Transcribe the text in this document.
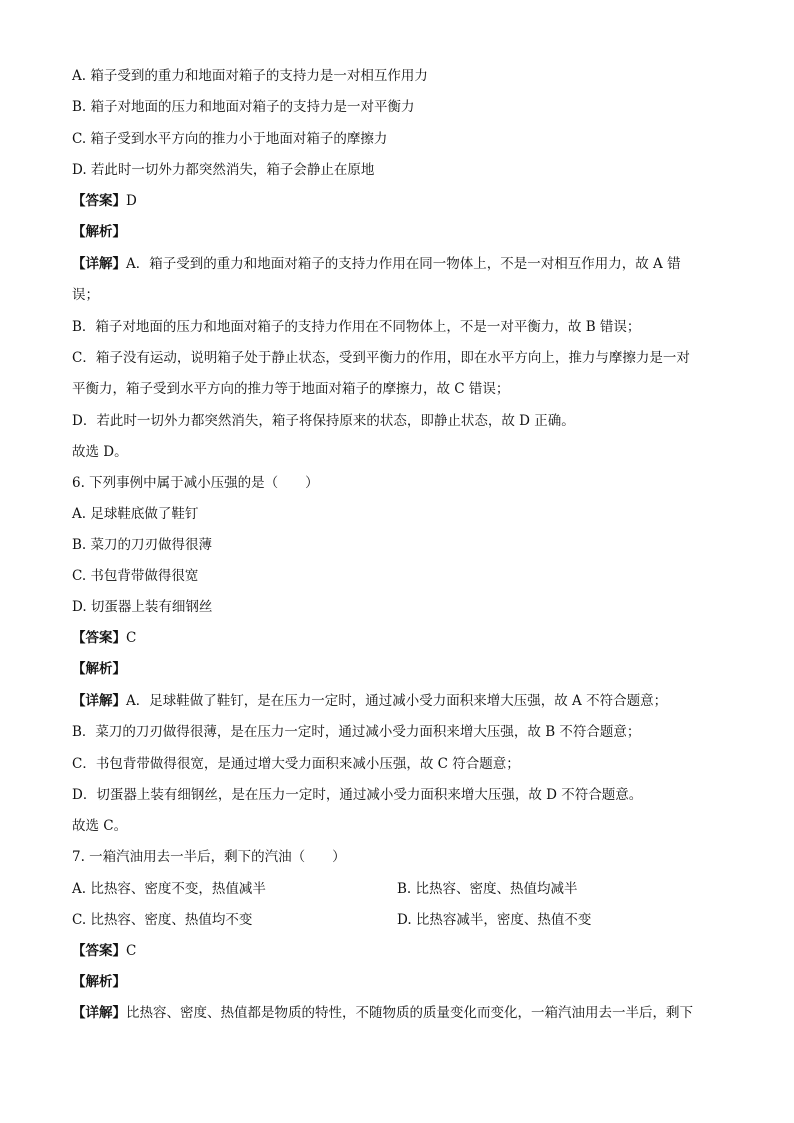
A. 箱子受到的重力和地面对箱子的支持力是一对相互作用力
B. 箱子对地面的压力和地面对箱子的支持力是一对平衡力
C. 箱子受到水平方向的推力小于地面对箱子的摩擦力
D. 若此时一切外力都突然消失，箱子会静止在原地
【答案】D
【解析】
【详解】A．箱子受到的重力和地面对箱子的支持力作用在同一物体上，不是一对相互作用力，故 A 错
误；
B．箱子对地面的压力和地面对箱子的支持力作用在不同物体上，不是一对平衡力，故 B 错误；
C．箱子没有运动，说明箱子处于静止状态，受到平衡力的作用，即在水平方向上，推力与摩擦力是一对
平衡力，箱子受到水平方向的推力等于地面对箱子的摩擦力，故 C 错误；
D．若此时一切外力都突然消失，箱子将保持原来的状态，即静止状态，故 D 正确。
故选 D。
6. 下列事例中属于减小压强的是（　　）
A. 足球鞋底做了鞋钉
B. 菜刀的刀刃做得很薄
C. 书包背带做得很宽
D. 切蛋器上装有细钢丝
【答案】C
【解析】
【详解】A．足球鞋做了鞋钉，是在压力一定时，通过减小受力面积来增大压强，故 A 不符合题意；
B．菜刀的刀刃做得很薄，是在压力一定时，通过减小受力面积来增大压强，故 B 不符合题意；
C．书包背带做得很宽，是通过增大受力面积来减小压强，故 C 符合题意；
D．切蛋器上装有细钢丝，是在压力一定时，通过减小受力面积来增大压强，故 D 不符合题意。
故选 C。
7. 一箱汽油用去一半后，剩下的汽油（　　）
A. 比热容、密度不变，热值减半	B. 比热容、密度、热值均减半
C. 比热容、密度、热值均不变	D. 比热容减半，密度、热值不变
【答案】C
【解析】
【详解】比热容、密度、热值都是物质的特性，不随物质的质量变化而变化，一箱汽油用去一半后，剩下
